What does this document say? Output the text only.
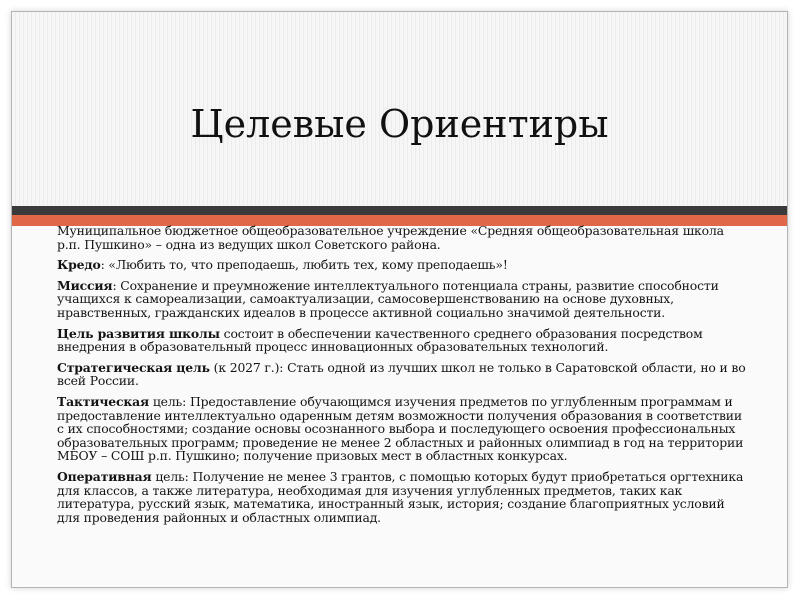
Целевые Ориентиры

Муниципальное бюджетное общеобразовательное учреждение «Средняя общеобразовательная школа р.п. Пушкино» – одна из ведущих школ Советского района.

Кредо: «Любить то, что преподаешь, любить тех, кому преподаешь»!

Миссия: Сохранение и преумножение интеллектуального потенциала страны, развитие способности учащихся к самореализации, самоактуализации, самосовершенствованию на основе духовных, нравственных, гражданских идеалов в процессе активной социально значимой деятельности.

Цель развития школы состоит в обеспечении качественного среднего образования посредством внедрения в образовательный процесс инновационных образовательных технологий.

Стратегическая цель (к 2027 г.): Стать одной из лучших школ не только в Саратовской области, но и во всей России.

Тактическая цель: Предоставление обучающимся изучения предметов по углубленным программам и предоставление интеллектуально одаренным детям возможности получения образования в соответствии с их способностями; создание основы осознанного выбора и последующего освоения профессиональных образовательных программ; проведение не менее 2 областных и районных олимпиад в год на территории МБОУ – СОШ р.п. Пушкино; получение призовых мест в областных конкурсах.

Оперативная цель: Получение не менее 3 грантов, с помощью которых будут приобретаться оргтехника для классов, а также литература, необходимая для изучения углубленных предметов, таких как литература, русский язык, математика, иностранный язык, история; создание благоприятных условий для проведения районных и областных олимпиад.
